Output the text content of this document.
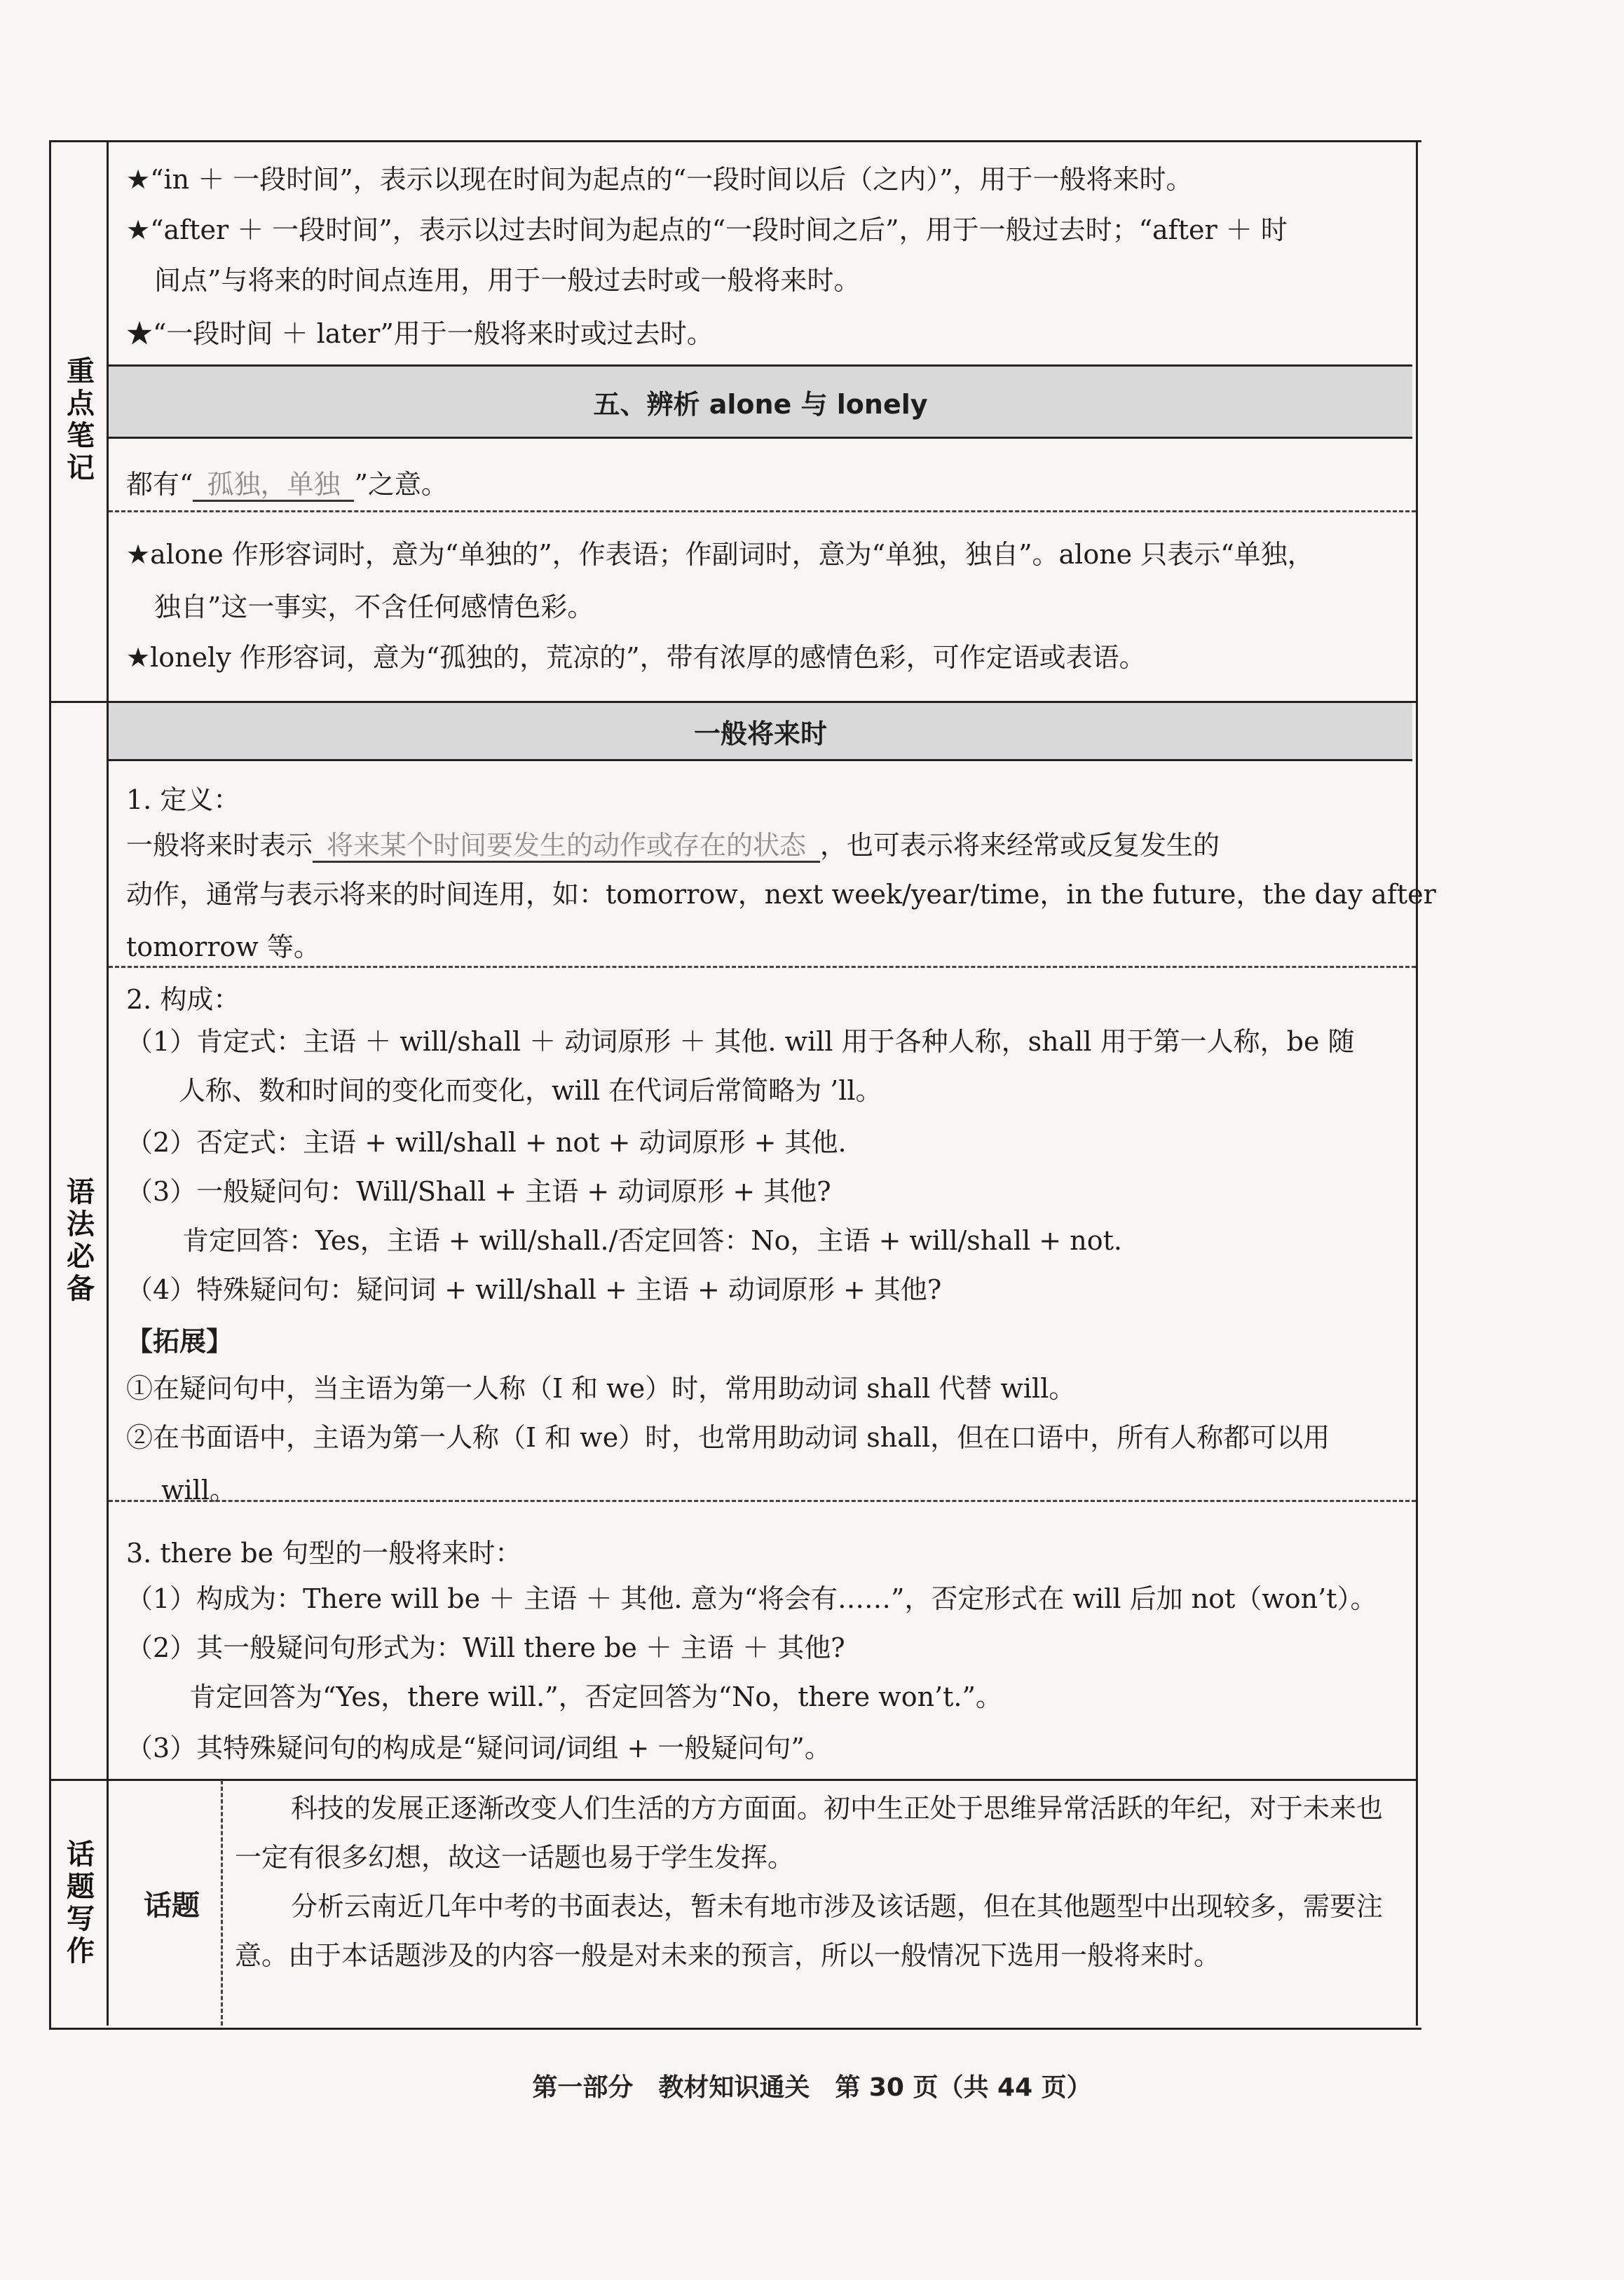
重点笔记
语法必备
话题写作
★“in ＋ 一段时间”，表示以现在时间为起点的“一段时间以后（之内）”，用于一般将来时。
★“after ＋ 一段时间”，表示以过去时间为起点的“一段时间之后”，用于一般过去时；“after ＋ 时
间点”与将来的时间点连用，用于一般过去时或一般将来时。
★“一段时间 ＋ later”用于一般将来时或过去时。
五、辨析 alone 与 lonely
都有“ 孤独，单独 ”之意。
★alone 作形容词时，意为“单独的”，作表语；作副词时，意为“单独，独自”。alone 只表示“单独，
独自”这一事实，不含任何感情色彩。
★lonely 作形容词，意为“孤独的，荒凉的”，带有浓厚的感情色彩，可作定语或表语。
一般将来时
1. 定义：
一般将来时表示 将来某个时间要发生的动作或存在的状态 ，也可表示将来经常或反复发生的
动作，通常与表示将来的时间连用，如：tomorrow，next week/year/time，in the future，the day after
tomorrow 等。
2. 构成：
（1）肯定式：主语 ＋ will/shall ＋ 动词原形 ＋ 其他. will 用于各种人称，shall 用于第一人称，be 随
人称、数和时间的变化而变化，will 在代词后常简略为 ’ll。
（2）否定式：主语 + will/shall + not + 动词原形 + 其他.
（3）一般疑问句：Will/Shall + 主语 + 动词原形 + 其他?
肯定回答：Yes，主语 + will/shall./否定回答：No，主语 + will/shall + not.
（4）特殊疑问句：疑问词 + will/shall + 主语 + 动词原形 + 其他?
【拓展】
①在疑问句中，当主语为第一人称（I 和 we）时，常用助动词 shall 代替 will。
②在书面语中，主语为第一人称（I 和 we）时，也常用助动词 shall，但在口语中，所有人称都可以用
will。
3. there be 句型的一般将来时：
（1）构成为：There will be ＋ 主语 ＋ 其他. 意为“将会有……”，否定形式在 will 后加 not（won’t）。
（2）其一般疑问句形式为：Will there be ＋ 主语 ＋ 其他?
肯定回答为“Yes，there will.”，否定回答为“No，there won’t.”。
（3）其特殊疑问句的构成是“疑问词/词组 + 一般疑问句”。
话题
科技的发展正逐渐改变人们生活的方方面面。初中生正处于思维异常活跃的年纪，对于未来也一定有很多幻想，故这一话题也易于学生发挥。
分析云南近几年中考的书面表达，暂未有地市涉及该话题，但在其他题型中出现较多，需要注意。由于本话题涉及的内容一般是对未来的预言，所以一般情况下选用一般将来时。
第一部分　教材知识通关　第 30 页（共 44 页）
